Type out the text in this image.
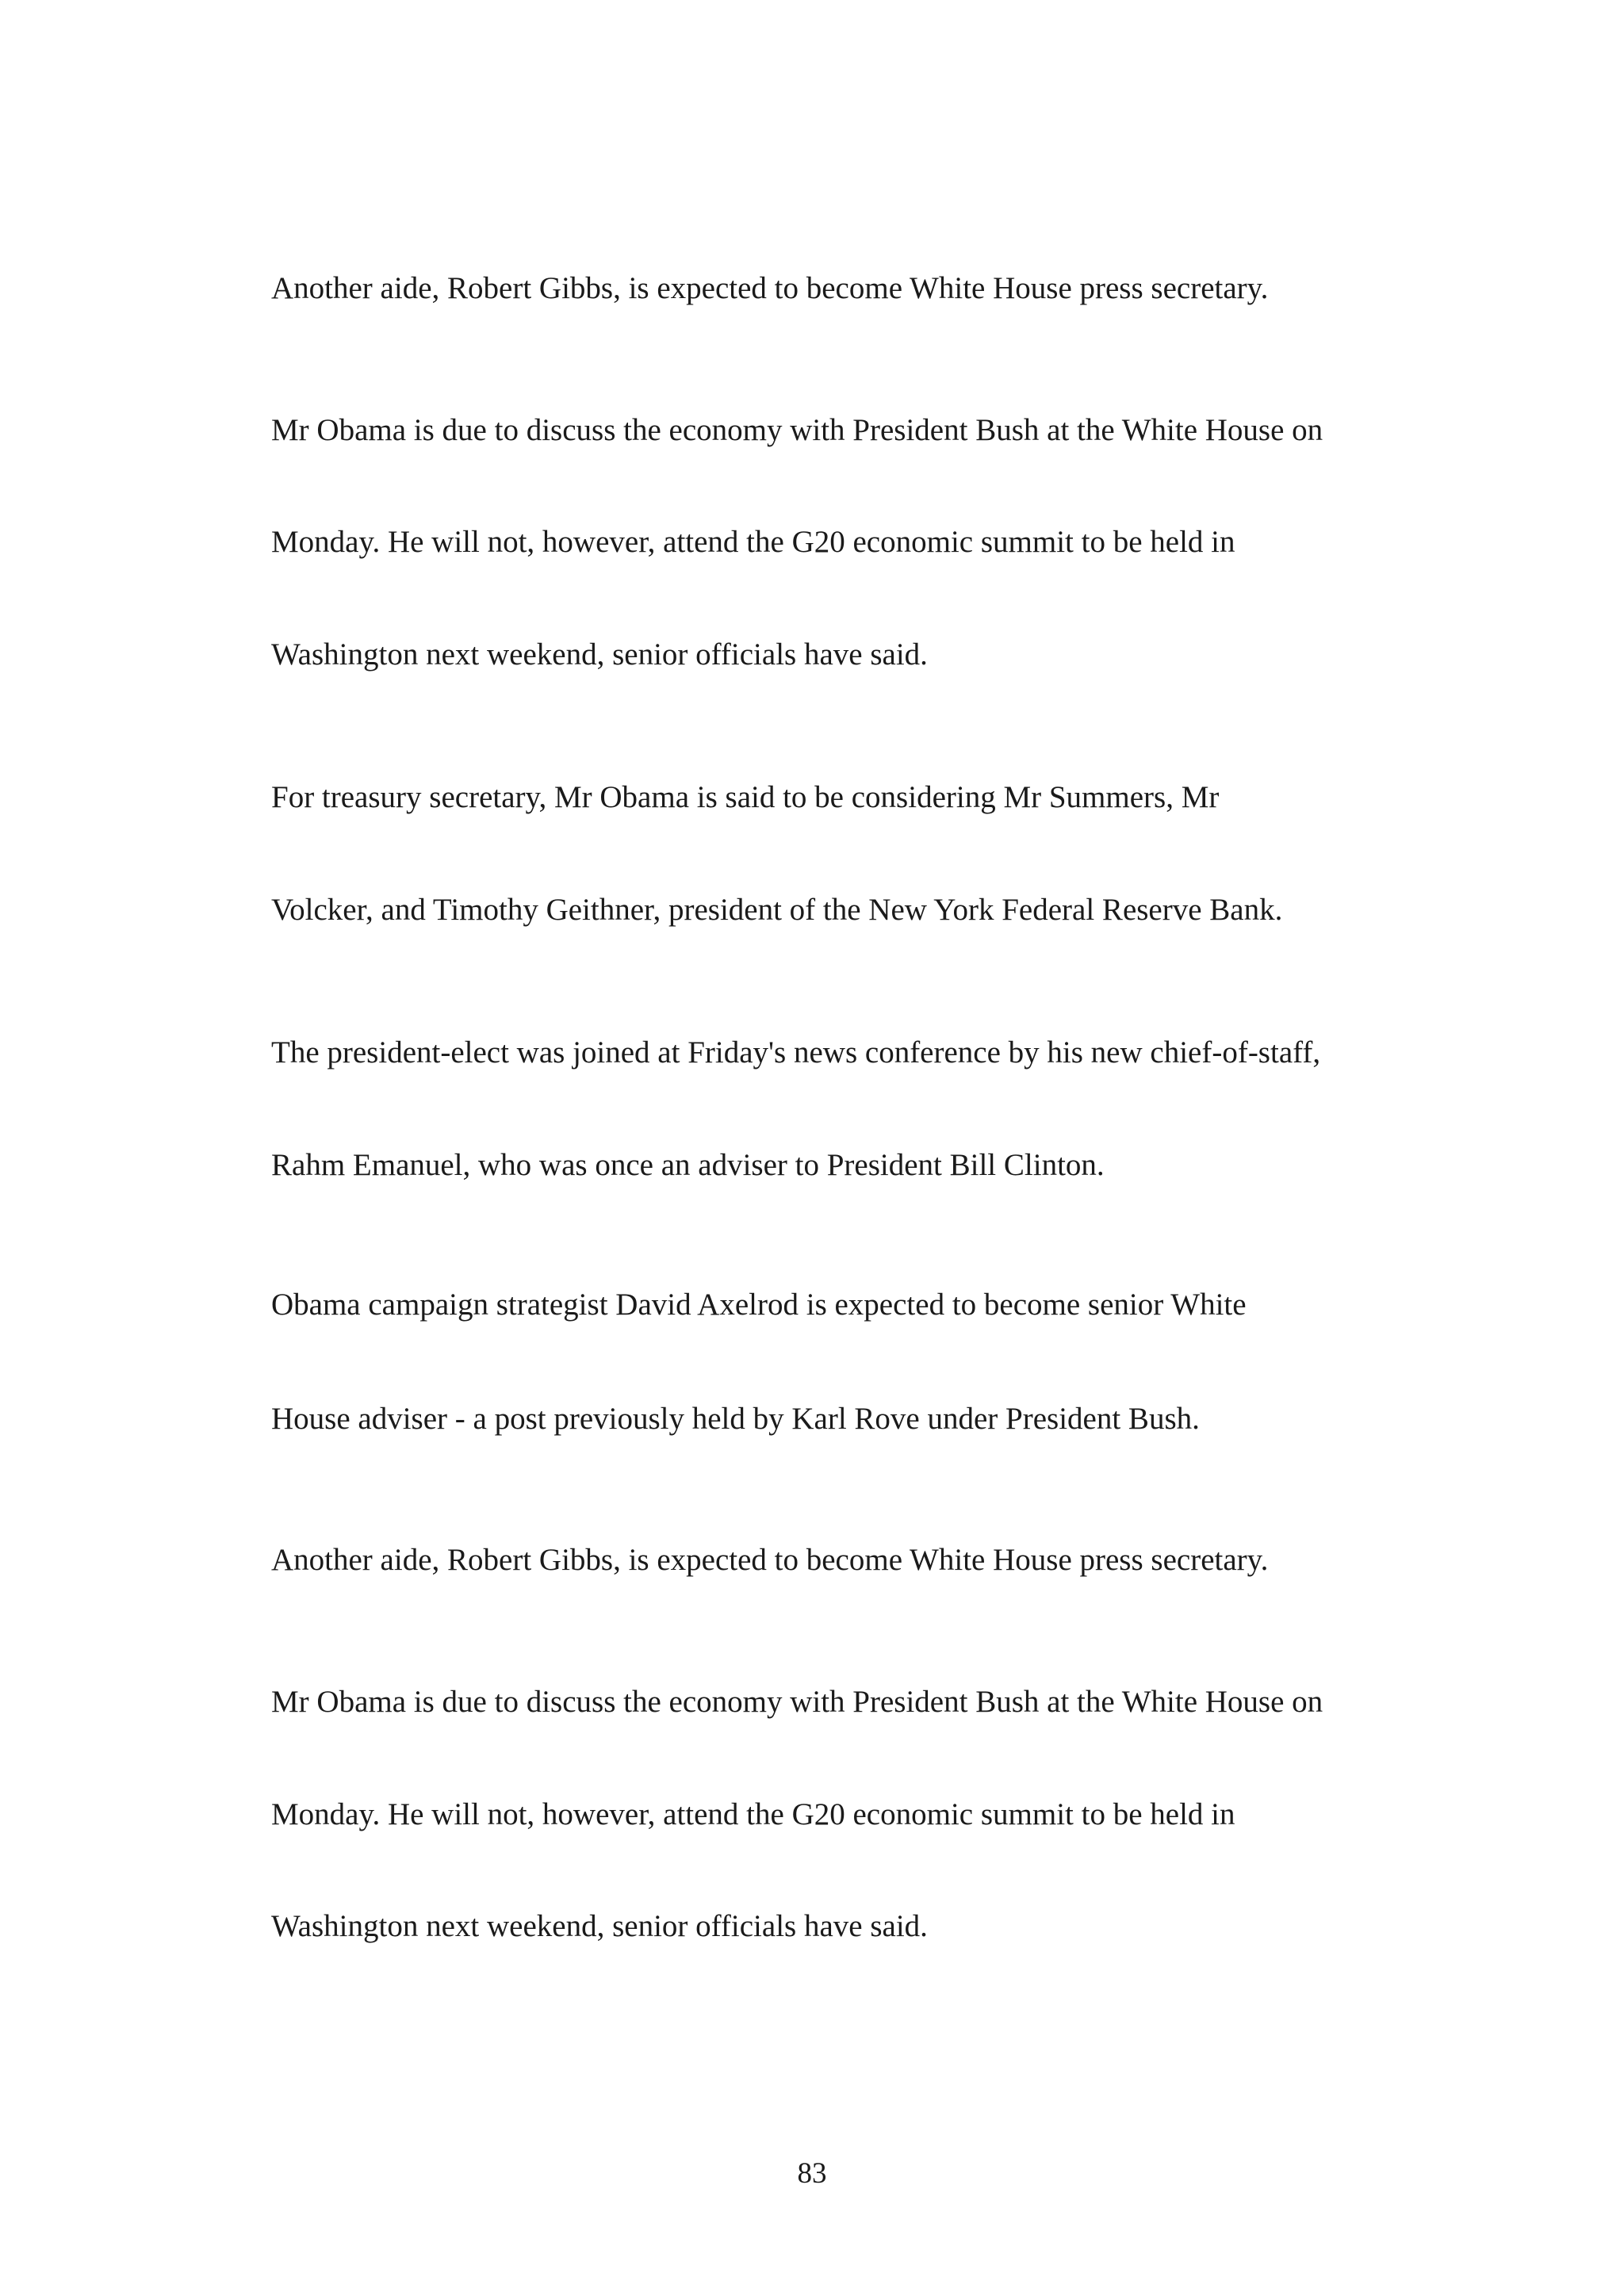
Another aide, Robert Gibbs, is expected to become White House press secretary.

Mr Obama is due to discuss the economy with President Bush at the White House on

Monday. He will not, however, attend the G20 economic summit to be held in

Washington next weekend, senior officials have said.

For treasury secretary, Mr Obama is said to be considering Mr Summers, Mr

Volcker, and Timothy Geithner, president of the New York Federal Reserve Bank.

The president-elect was joined at Friday's news conference by his new chief-of-staff,

Rahm Emanuel, who was once an adviser to President Bill Clinton.

Obama campaign strategist David Axelrod is expected to become senior White

House adviser - a post previously held by Karl Rove under President Bush.

Another aide, Robert Gibbs, is expected to become White House press secretary.

Mr Obama is due to discuss the economy with President Bush at the White House on

Monday. He will not, however, attend the G20 economic summit to be held in

Washington next weekend, senior officials have said.

83
